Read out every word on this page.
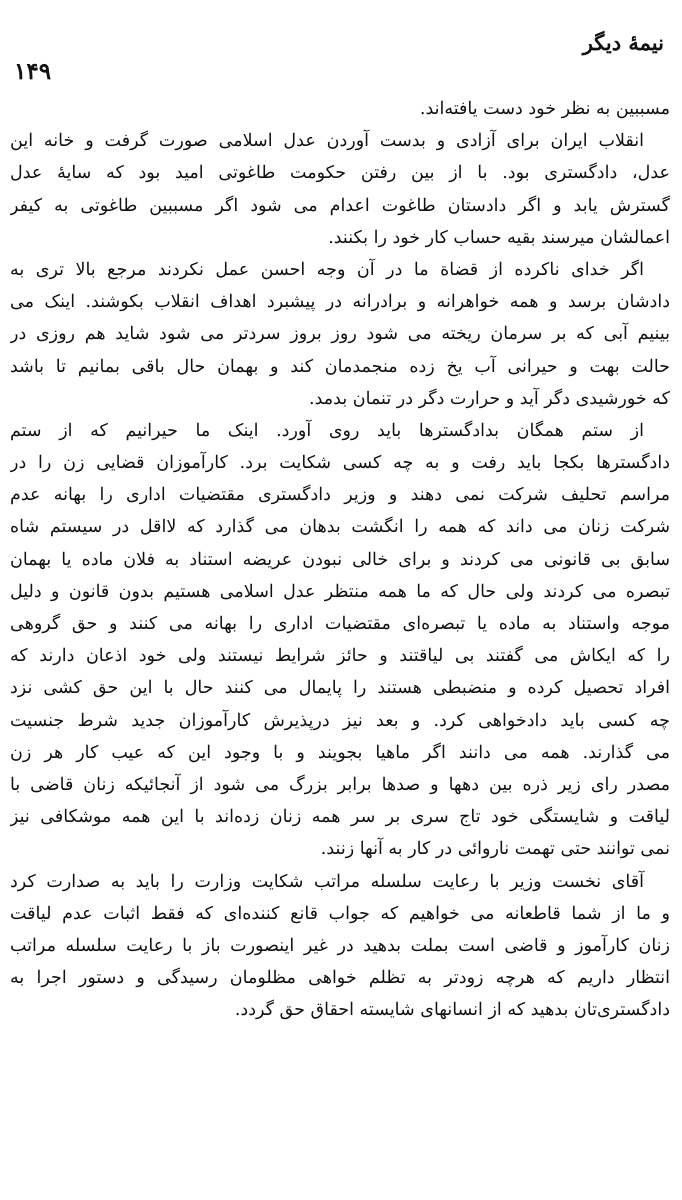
نیمهٔ دیگر
۱۴۹
مسببین به نظر خود دست یافته‌اند.
انقلاب ایران برای آزادی و بدست آوردن عدل اسلامی صورت گرفت و خانه این
عدل، دادگستری بود. با از بین رفتن حکومت طاغوتی امید بود که سایهٔ عدل
گسترش یابد و اگر دادستان طاغوت اعدام می شود اگر مسببین طاغوتی به کیفر
اعمالشان میرسند بقیه حساب کار خود را بکنند.
اگر خدای ناکرده از قضاة ما در آن وجه احسن عمل نکردند مرجع بالا تری به
دادشان برسد و همه خواهرانه و برادرانه در پیشبرد اهداف انقلاب بکوشند. اینک می
بینیم آبی که بر سرمان ریخته می شود روز بروز سردتر می شود شاید هم روزی در
حالت بهت و حیرانی آب یخ زده منجمدمان کند و بهمان حال باقی بمانیم تا باشد
که خورشیدی دگر آید و حرارت دگر در تنمان بدمد.
از ستم همگان بدادگسترها باید روی آورد. اینک ما حیرانیم که از ستم
دادگسترها بکجا باید رفت و به چه کسی شکایت برد. کارآموزان قضایی زن را در
مراسم تحلیف شرکت نمی دهند و وزیر دادگستری مقتضیات اداری را بهانه عدم
شرکت زنان می داند که همه را انگشت بدهان می گذارد که لااقل در سیستم شاه
سابق بی قانونی می کردند و برای خالی نبودن عریضه استناد به فلان ماده یا بهمان
تبصره می کردند ولی حال که ما همه منتظر عدل اسلامی هستیم بدون قانون و دلیل
موجه واستناد به ماده یا تبصره‌ای مقتضیات اداری را بهانه می کنند و حق گروهی
را که ایکاش می گفتند بی لیاقتند و حائز شرایط نیستند ولی خود اذعان دارند که
افراد تحصیل کرده و منضبطی هستند را پایمال می کنند حال با این حق کشی نزد
چه کسی باید دادخواهی کرد. و بعد نیز درپذیرش کارآموزان جدید شرط جنسیت
می گذارند. همه می دانند اگر ماهیا بجویند و با وجود این که عیب کار هر زن
مصدر رای زیر ذره بین دهها و صدها برابر بزرگ می شود از آنجائیکه زنان قاضی با
لیاقت و شایستگی خود تاج سری بر سر همه زنان زده‌اند با این همه موشکافی نیز
نمی توانند حتی تهمت ناروائی در کار به آنها زنند.
آقای نخست وزیر با رعایت سلسله مراتب شکایت وزارت را باید به صدارت کرد
و ما از شما قاطعانه می خواهیم که جواب قانع کننده‌ای که فقط اثبات عدم لیاقت
زنان کارآموز و قاضی است بملت بدهید در غیر اینصورت باز با رعایت سلسله مراتب
انتظار داریم که هرچه زودتر به تظلم خواهی مظلومان رسیدگی و دستور اجرا به
دادگستری‌تان بدهید که از انسانهای شایسته احقاق حق گردد.
